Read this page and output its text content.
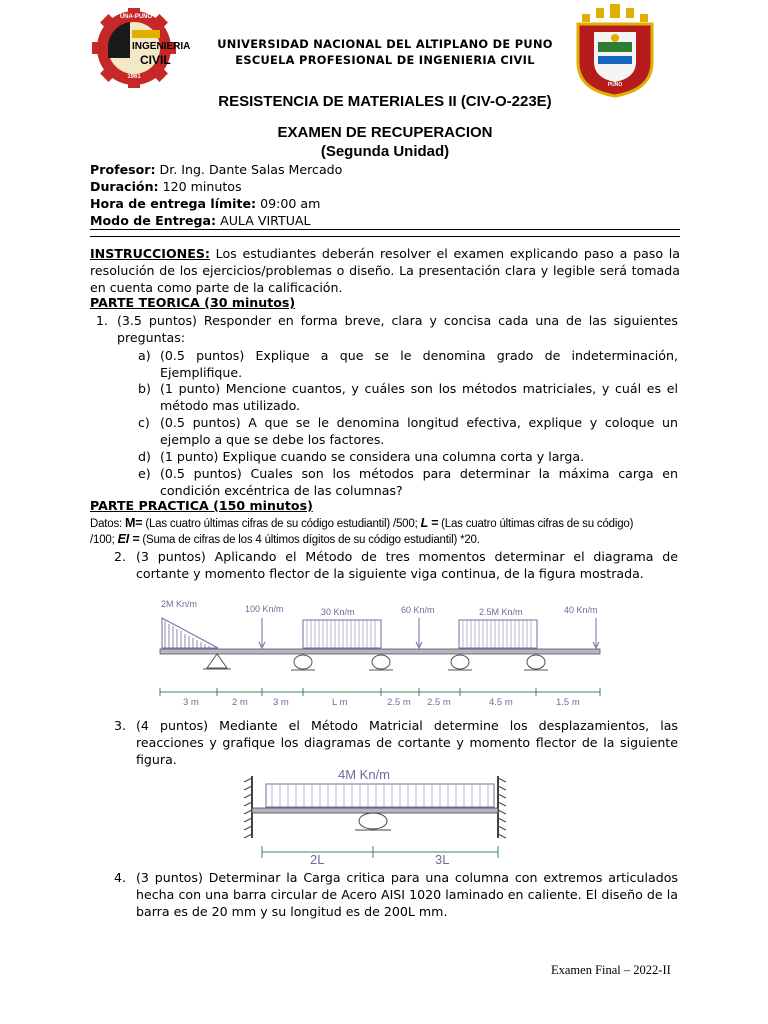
UNA-PUNO
INGENIERIA
CIVIL
1961
UNIVERSIDAD NACIONAL DEL ALTIPLANO DE PUNO
ESCUELA PROFESIONAL DE INGENIERIA CIVIL
PUNO
RESISTENCIA DE MATERIALES II (CIV-O-223E)
EXAMEN DE RECUPERACION
(Segunda Unidad)
Profesor: Dr. Ing. Dante Salas Mercado
Duración: 120 minutos
Hora de entrega límite: 09:00 am
Modo de Entrega: AULA VIRTUAL
INSTRUCCIONES: Los estudiantes deberán resolver el examen explicando paso a paso la resolución de los ejercicios/problemas o diseño. La presentación clara y legible será tomada en cuenta como parte de la calificación.
PARTE TEORICA (30 minutos)
1. (3.5 puntos) Responder en forma breve, clara y concisa cada una de las siguientes preguntas:
a) (0.5 puntos) Explique a que se le denomina grado de indeterminación, Ejemplifique.
b) (1 punto) Mencione cuantos, y cuáles son los métodos matriciales, y cuál es el método mas utilizado.
c) (0.5 puntos) A que se le denomina longitud efectiva, explique y coloque un ejemplo a que se debe los factores.
d) (1 punto) Explique cuando se considera una columna corta y larga.
e) (0.5 puntos) Cuales son los métodos para determinar la máxima carga en condición excéntrica de las columnas?
PARTE PRACTICA (150 minutos)
Datos: M= (Las cuatro últimas cifras de su código estudiantil) /500; L = (Las cuatro últimas cifras de su código)
/100; EI = (Suma de cifras de los 4 últimos dígitos de su código estudiantil) *20.
2. (3 puntos) Aplicando el Método de tres momentos determinar el diagrama de cortante y momento flector de la siguiente viga continua, de la figura mostrada.
2M Kn/m	100 Kn/m	30 Kn/m	60 Kn/m	2.5M Kn/m	40 Kn/m
3 m	2 m	3 m	L m	2.5 m 2.5 m	4.5 m	1.5 m
3. (4 puntos) Mediante el Método Matricial determine los desplazamientos, las reacciones y grafique los diagramas de cortante y momento flector de la siguiente figura.
4M Kn/m
2L	3L
4. (3 puntos) Determinar la Carga critica para una columna con extremos articulados hecha con una barra circular de Acero AISI 1020 laminado en caliente. El diseño de la barra es de 20 mm y su longitud es de 200L mm.
Examen Final – 2022-II
